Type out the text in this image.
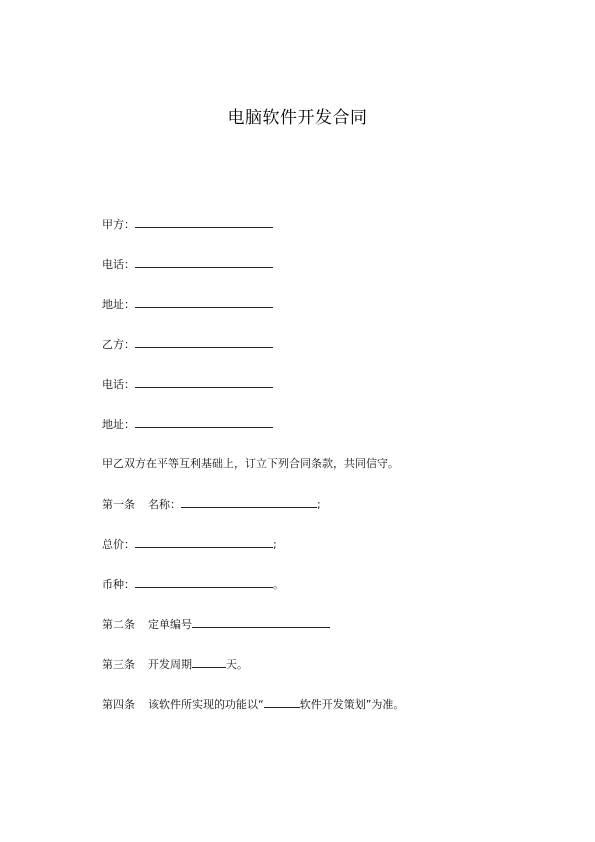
电脑软件开发合同
甲方：
电话：
地址：
乙方：
电话：
地址：
甲乙双方在平等互利基础上，订立下列合同条款，共同信守。
第一条 名称：	;
总价：	;
币种：	。
第二条 定单编号
第三条 开发周期	天。
第四条 该软件所实现的功能以“	软件开发策划”为准。
